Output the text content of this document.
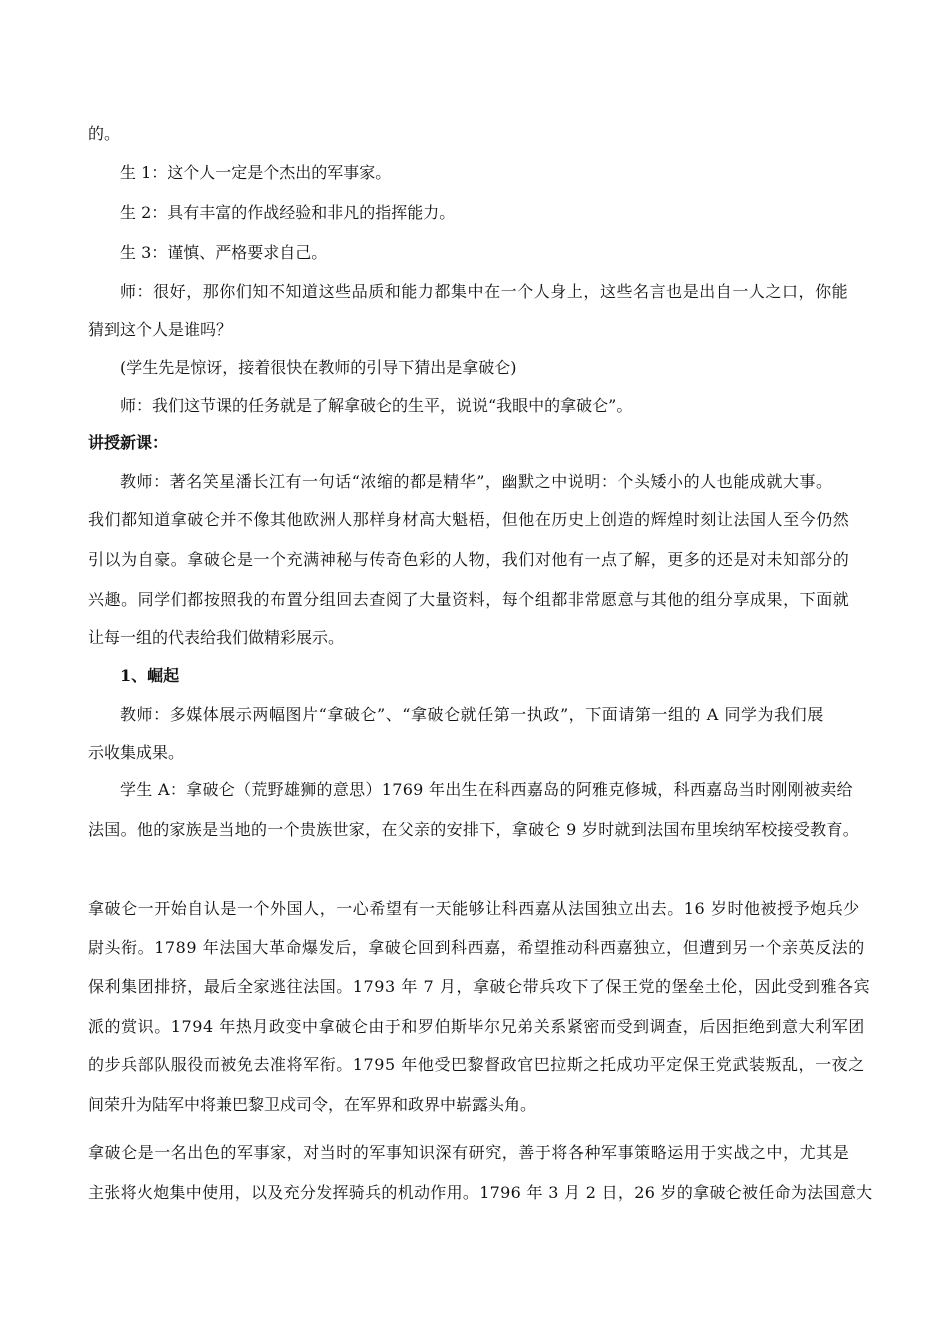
的。

生 1：这个人一定是个杰出的军事家。

生 2：具有丰富的作战经验和非凡的指挥能力。

生 3：谨慎、严格要求自己。

师：很好，那你们知不知道这些品质和能力都集中在一个人身上，这些名言也是出自一人之口，你能

猜到这个人是谁吗？

(学生先是惊讶，接着很快在教师的引导下猜出是拿破仑)

师：我们这节课的任务就是了解拿破仑的生平，说说“我眼中的拿破仑”。

讲授新课：

教师：著名笑星潘长江有一句话“浓缩的都是精华”，幽默之中说明：个头矮小的人也能成就大事。

我们都知道拿破仑并不像其他欧洲人那样身材高大魁梧，但他在历史上创造的辉煌时刻让法国人至今仍然

引以为自豪。拿破仑是一个充满神秘与传奇色彩的人物，我们对他有一点了解，更多的还是对未知部分的

兴趣。同学们都按照我的布置分组回去查阅了大量资料，每个组都非常愿意与其他的组分享成果，下面就

让每一组的代表给我们做精彩展示。

1、崛起

教师：多媒体展示两幅图片“拿破仑”、“拿破仑就任第一执政”，下面请第一组的 A 同学为我们展

示收集成果。

学生 A：拿破仑（荒野雄狮的意思）1769 年出生在科西嘉岛的阿雅克修城，科西嘉岛当时刚刚被卖给

法国。他的家族是当地的一个贵族世家，在父亲的安排下，拿破仑 9 岁时就到法国布里埃纳军校接受教育。

拿破仑一开始自认是一个外国人，一心希望有一天能够让科西嘉从法国独立出去。16 岁时他被授予炮兵少

尉头衔。1789 年法国大革命爆发后，拿破仑回到科西嘉，希望推动科西嘉独立，但遭到另一个亲英反法的

保利集团排挤，最后全家逃往法国。1793 年 7 月，拿破仑带兵攻下了保王党的堡垒土伦，因此受到雅各宾

派的赏识。1794 年热月政变中拿破仑由于和罗伯斯毕尔兄弟关系紧密而受到调查，后因拒绝到意大利军团

的步兵部队服役而被免去准将军衔。1795 年他受巴黎督政官巴拉斯之托成功平定保王党武装叛乱，一夜之

间荣升为陆军中将兼巴黎卫戍司令，在军界和政界中崭露头角。

拿破仑是一名出色的军事家，对当时的军事知识深有研究，善于将各种军事策略运用于实战之中，尤其是

主张将火炮集中使用，以及充分发挥骑兵的机动作用。1796 年 3 月 2 日，26 岁的拿破仑被任命为法国意大
